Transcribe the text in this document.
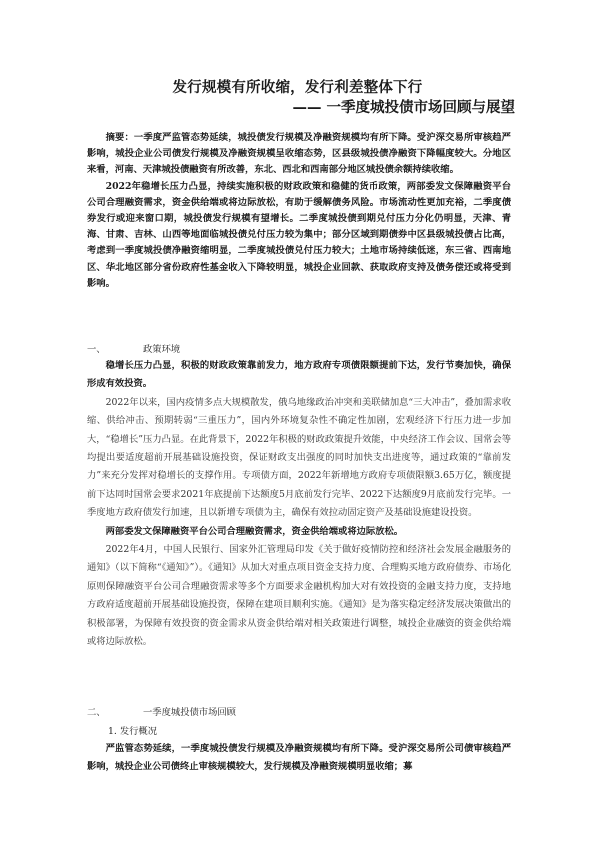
发行规模有所收缩，发行利差整体下行
—— 一季度城投债市场回顾与展望

摘要：一季度严监管态势延续，城投债发行规模及净融资规模均有所下降。受沪深交易所审核趋严影响，城投企业公司债发行规模及净融资规模呈收缩态势，区县级城投债净融资下降幅度较大。分地区来看，河南、天津城投债融资有所改善，东北、西北和西南部分地区城投债余额持续收缩。

2022年稳增长压力凸显，持续实施积极的财政政策和稳健的货币政策，两部委发文保障融资平台公司合理融资需求，资金供给端或将边际放松，有助于缓解债务风险。市场流动性更加充裕，二季度债券发行或迎来窗口期，城投债发行规模有望增长。二季度城投债到期兑付压力分化仍明显，天津、青海、甘肃、吉林、山西等地面临城投债兑付压力较为集中；部分区域到期债券中区县级城投债占比高，考虑到一季度城投债净融资缩明显，二季度城投债兑付压力较大；土地市场持续低迷，东三省、西南地区、华北地区部分省份政府性基金收入下降较明显，城投企业回款、获取政府支持及债务偿还或将受到影响。

一、	政策环境

稳增长压力凸显，积极的财政政策靠前发力，地方政府专项债限额提前下达，发行节奏加快，确保形成有效投资。

2022年以来，国内疫情多点大规模散发，俄乌地缘政治冲突和美联储加息“三大冲击”，叠加需求收缩、供给冲击、预期转弱“三重压力”，国内外环境复杂性不确定性加剧，宏观经济下行压力进一步加大，“稳增长”压力凸显。在此背景下，2022年积极的财政政策提升效能，中央经济工作会议、国常会等均提出要适度超前开展基础设施投资，保证财政支出强度的同时加快支出进度等，通过政策的“靠前发力”来充分发挥对稳增长的支撑作用。专项债方面，2022年新增地方政府专项债限额3.65万亿，额度提前下达同时国常会要求2021年底提前下达额度5月底前发行完毕、2022下达额度9月底前发行完毕。一季度地方政府债发行加速，且以新增专项债为主，确保有效拉动固定资产及基础设施建设投资。

两部委发文保障融资平台公司合理融资需求，资金供给端或将边际放松。

2022年4月，中国人民银行、国家外汇管理局印发《关于做好疫情防控和经济社会发展金融服务的通知》（以下简称“《通知》”）。《通知》从加大对重点项目资金支持力度、合理购买地方政府债券、市场化原则保障融资平台公司合理融资需求等多个方面要求金融机构加大对有效投资的金融支持力度，支持地方政府适度超前开展基础设施投资，保障在建项目顺利实施。《通知》是为落实稳定经济发展决策做出的积极部署，为保障有效投资的资金需求从资金供给端对相关政策进行调整，城投企业融资的资金供给端或将边际放松。

二、	一季度城投债市场回顾
1. 发行概况

严监管态势延续，一季度城投债发行规模及净融资规模均有所下降。受沪深交易所公司债审核趋严影响，城投企业公司债终止审核规模较大，发行规模及净融资规模明显收缩；募
